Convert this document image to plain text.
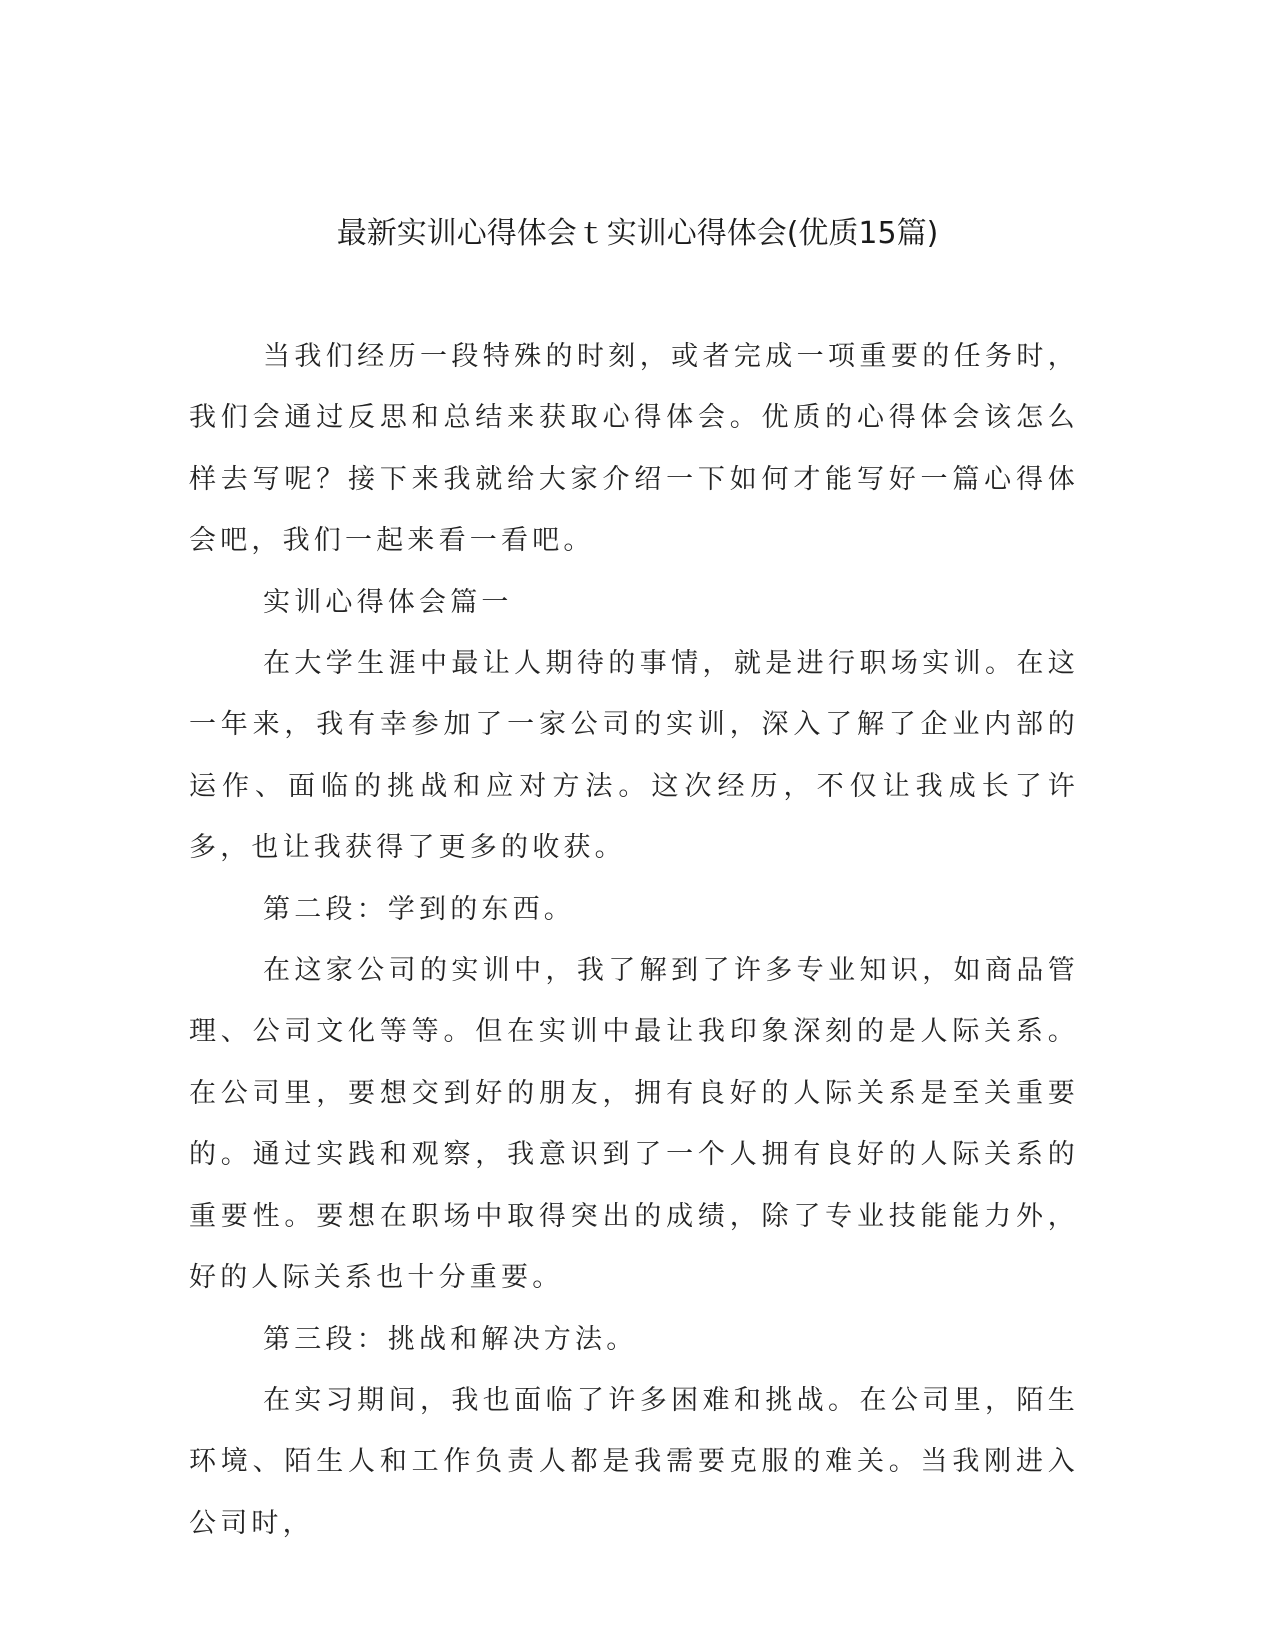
最新实训心得体会ｔ实训心得体会(优质15篇)

当我们经历一段特殊的时刻，或者完成一项重要的任务时，我们会通过反思和总结来获取心得体会。优质的心得体会该怎么样去写呢？接下来我就给大家介绍一下如何才能写好一篇心得体会吧，我们一起来看一看吧。

实训心得体会篇一

在大学生涯中最让人期待的事情，就是进行职场实训。在这一年来，我有幸参加了一家公司的实训，深入了解了企业内部的运作、面临的挑战和应对方法。这次经历，不仅让我成长了许多，也让我获得了更多的收获。

第二段：学到的东西。

在这家公司的实训中，我了解到了许多专业知识，如商品管理、公司文化等等。但在实训中最让我印象深刻的是人际关系。在公司里，要想交到好的朋友，拥有良好的人际关系是至关重要的。通过实践和观察，我意识到了一个人拥有良好的人际关系的重要性。要想在职场中取得突出的成绩，除了专业技能能力外，好的人际关系也十分重要。

第三段：挑战和解决方法。

在实习期间，我也面临了许多困难和挑战。在公司里，陌生环境、陌生人和工作负责人都是我需要克服的难关。当我刚进入公司时，
